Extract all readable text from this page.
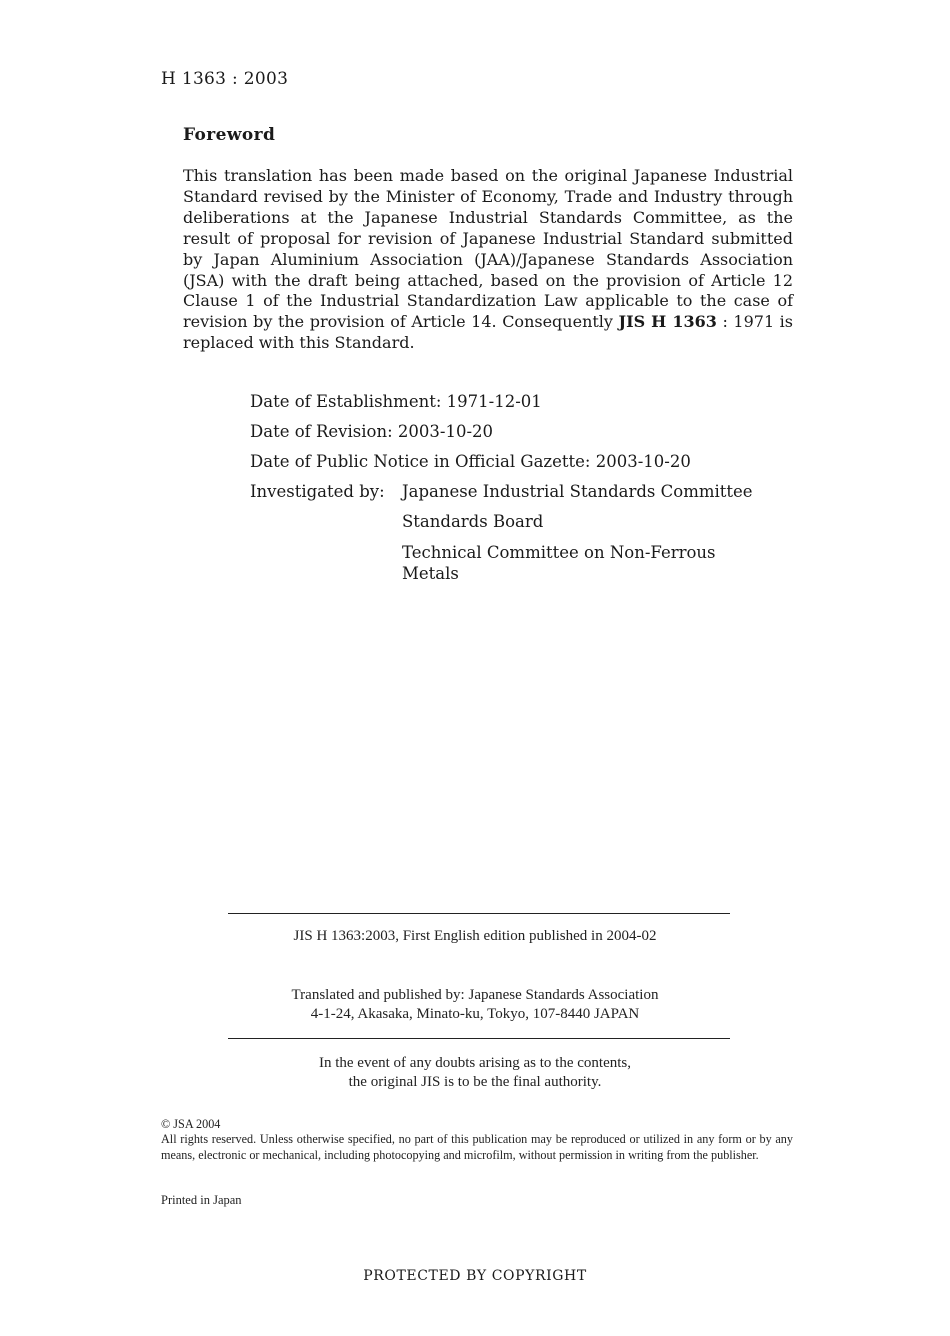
H 1363 : 2003
Foreword
This translation has been made based on the original Japanese Industrial Standard revised by the Minister of Economy, Trade and Industry through deliberations at the Japanese Industrial Standards Committee, as the result of proposal for revision of Japanese Industrial Standard submitted by Japan Aluminium Association (JAA)/Japanese Standards Association (JSA) with the draft being attached, based on the provision of Article 12 Clause 1 of the Industrial Standardization Law applicable to the case of revision by the provision of Article 14. Consequently JIS H 1363 : 1971 is replaced with this Standard.
Date of Establishment: 1971-12-01
Date of Revision: 2003-10-20
Date of Public Notice in Official Gazette: 2003-10-20
Investigated by:	Japanese Industrial Standards Committee
Standards Board
Technical Committee on Non-Ferrous Metals
JIS H 1363:2003, First English edition published in 2004-02
Translated and published by: Japanese Standards Association
4-1-24, Akasaka, Minato-ku, Tokyo, 107-8440 JAPAN
In the event of any doubts arising as to the contents,
the original JIS is to be the final authority.
© JSA 2004
All rights reserved. Unless otherwise specified, no part of this publication may be reproduced or utilized in any form or by any means, electronic or mechanical, including photocopying and microfilm, without permission in writing from the publisher.
Printed in Japan
PROTECTED BY COPYRIGHT
